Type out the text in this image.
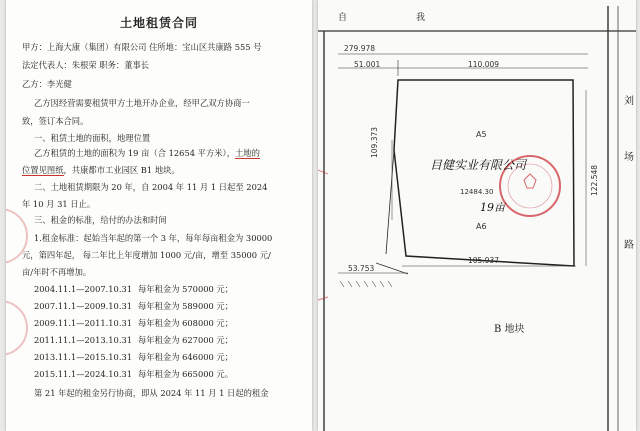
土地租赁合同
甲方：上海大康（集团）有限公司 住所地：宝山区共康路 555 号
法定代表人：朱根荣 职务：董事长
乙方：李光健
乙方因经营需要租赁甲方土地开办企业，经甲乙双方协商一
致，签订本合同。
一、租赁土地的面积，地理位置
乙方租赁的土地的面积为 19 亩（合 12654 平方米），土地的
位置见图纸，共康都市工业园区 B1 地块。
二、土地租赁期限为 20 年，自 2004 年 11 月 1 日起至 2024
年 10 月 31 日止。
三、租金的标准，给付的办法和时间
1.租金标准：起始当年起的第一个 3 年，每年每亩租金为 30000
元，第四年起， 每二年比上年度增加 1000 元/亩，增至 35000 元/
亩/年时不再增加。
2004.11.1—2007.10.31 每年租金为 570000 元；
2007.11.1—2009.10.31 每年租金为 589000 元；
2009.11.1—2011.10.31 每年租金为 608000 元；
2011.11.1—2013.10.31 每年租金为 627000 元；
2013.11.1—2015.10.31 每年租金为 646000 元；
2015.11.1—2024.10.31 每年租金为 665000 元。
第 21 年起的租金另行协商，即从 2024 年 11 月 1 日起的租金
自	我
279.978
51.001	110.009
109.373
122.548
A5
A6
12484.30
目健实业有限公司
19亩
105.937
53.753
刘
场
路
B 地块
